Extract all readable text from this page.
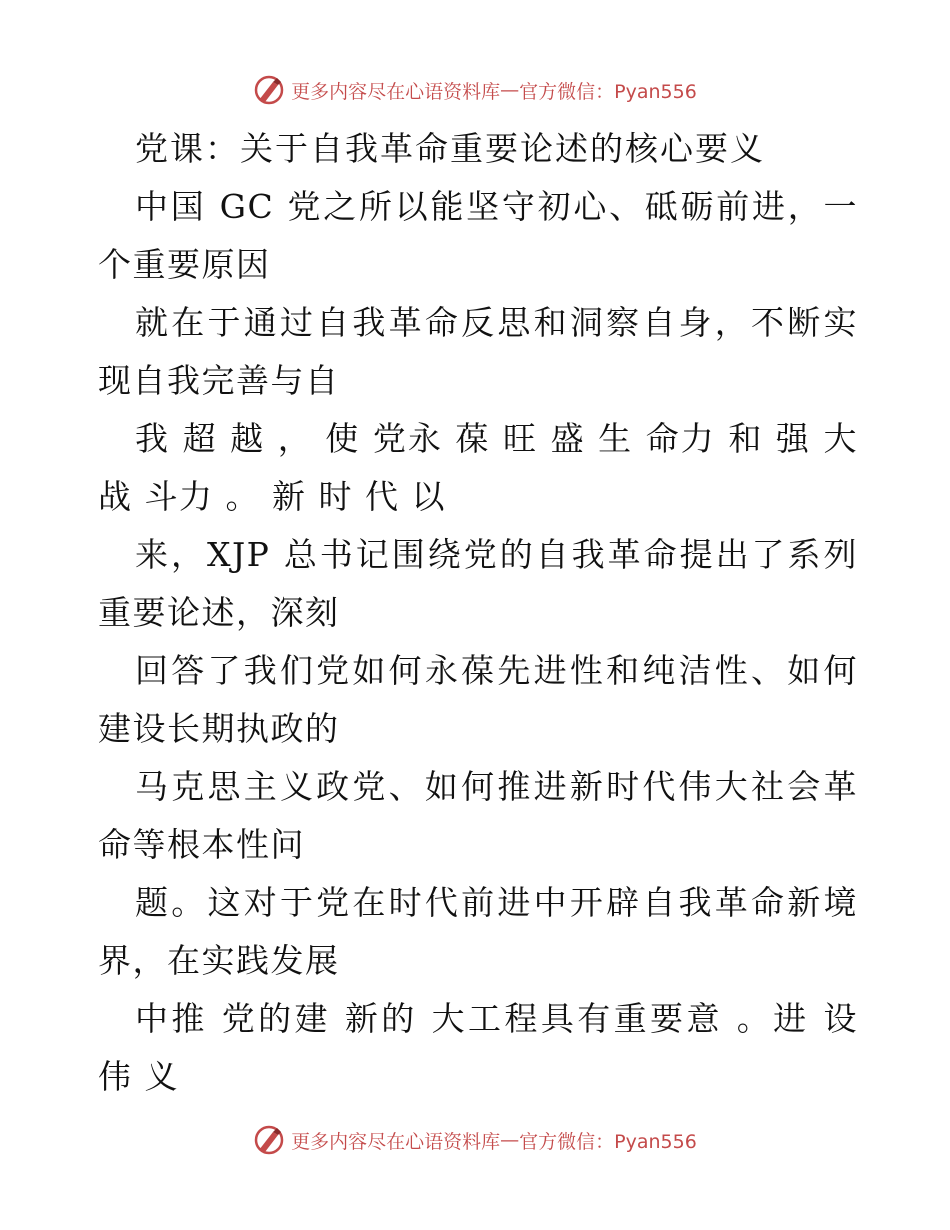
更多内容尽在心语资料库 — 官方微信：Pyan556

党课：关于自我革命重要论述的核心要义

中国 GC 党之所以能坚守初心、砥砺前进，一个重要原因

就在于通过自我革命反思和洞察自身，不断实现自我完善与自

我 超 越 ， 使 党永 葆 旺 盛 生 命力 和 强 大 战 斗力 。 新 时 代 以

来，XJP 总书记围绕党的自我革命提出了系列重要论述，深刻

回答了我们党如何永葆先进性和纯洁性、如何建设长期执政的

马克思主义政党、如何推进新时代伟大社会革命等根本性问

题。这对于党在时代前进中开辟自我革命新境界，在实践发展

中推 党的建 新的 大工程具有重要意 。进 设 伟 义

更多内容尽在心语资料库 — 官方微信：Pyan556
